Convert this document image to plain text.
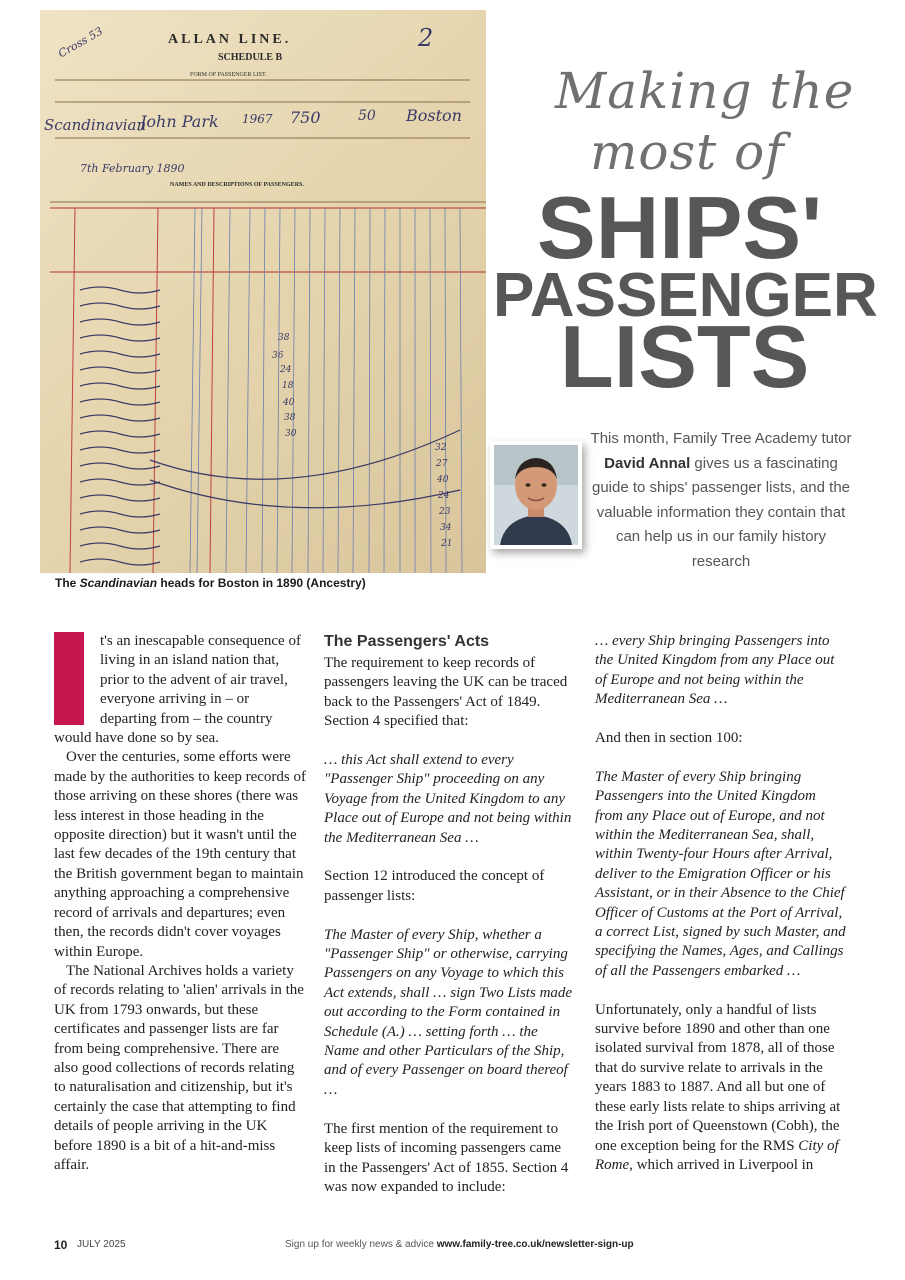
38
36
24
18
40
38
30
32
27
40
24
23
34
21
Cross 53	ALLAN LINE.	2
SCHEDULE B
FORM OF PASSENGER LIST.
Scandinavian
John Park 1967 750	50 Boston
7th February 1890
NAMES AND DESCRIPTIONS OF PASSENGERS.
The Scandinavian heads for Boston in 1890 (Ancestry)
Making the
most of
SHIPS'
PASSENGER
LISTS
This month, Family Tree Academy tutor David Annal gives us a fascinating guide to ships' passenger lists, and the valuable information they contain that can help us in our family history research

t's an inescapable consequence of living in an island nation that, prior to the advent of air travel, everyone arriving in – or departing from – the country would have done so by sea.

Over the centuries, some efforts were made by the authorities to keep records of those arriving on these shores (there was less interest in those heading in the opposite direction) but it wasn't until the last few decades of the 19th century that the British government began to maintain anything approaching a comprehensive record of arrivals and departures; even then, the records didn't cover voyages within Europe.

The National Archives holds a variety of records relating to 'alien' arrivals in the UK from 1793 onwards, but these certificates and passenger lists are far from being comprehensive. There are also good collections of records relating to naturalisation and citizenship, but it's certainly the case that attempting to find details of people arriving in the UK before 1890 is a bit of a hit-and-miss affair.

The Passengers' Acts

The requirement to keep records of passengers leaving the UK can be traced back to the Passengers' Act of 1849. Section 4 specified that:

… this Act shall extend to every "Passenger Ship" proceeding on any Voyage from the United Kingdom to any Place out of Europe and not being within the Mediterranean Sea …

Section 12 introduced the concept of passenger lists:

The Master of every Ship, whether a "Passenger Ship" or otherwise, carrying Passengers on any Voyage to which this Act extends, shall … sign Two Lists made out according to the Form contained in Schedule (A.) … setting forth … the Name and other Particulars of the Ship, and of every Passenger on board thereof …

The first mention of the requirement to keep lists of incoming passengers came in the Passengers' Act of 1855. Section 4 was now expanded to include:

… every Ship bringing Passengers into the United Kingdom from any Place out of Europe and not being within the Mediterranean Sea …

And then in section 100:

The Master of every Ship bringing Passengers into the United Kingdom from any Place out of Europe, and not within the Mediterranean Sea, shall, within Twenty-four Hours after Arrival, deliver to the Emigration Officer or his Assistant, or in their Absence to the Chief Officer of Customs at the Port of Arrival, a correct List, signed by such Master, and specifying the Names, Ages, and Callings of all the Passengers embarked …

Unfortunately, only a handful of lists survive before 1890 and other than one isolated survival from 1878, all of those that do survive relate to arrivals in the years 1883 to 1887. And all but one of these early lists relate to ships arriving at the Irish port of Queenstown (Cobh), the one exception being for the RMS City of Rome, which arrived in Liverpool in

10 JULY 2025	Sign up for weekly news & advice www.family-tree.co.uk/newsletter-sign-up
